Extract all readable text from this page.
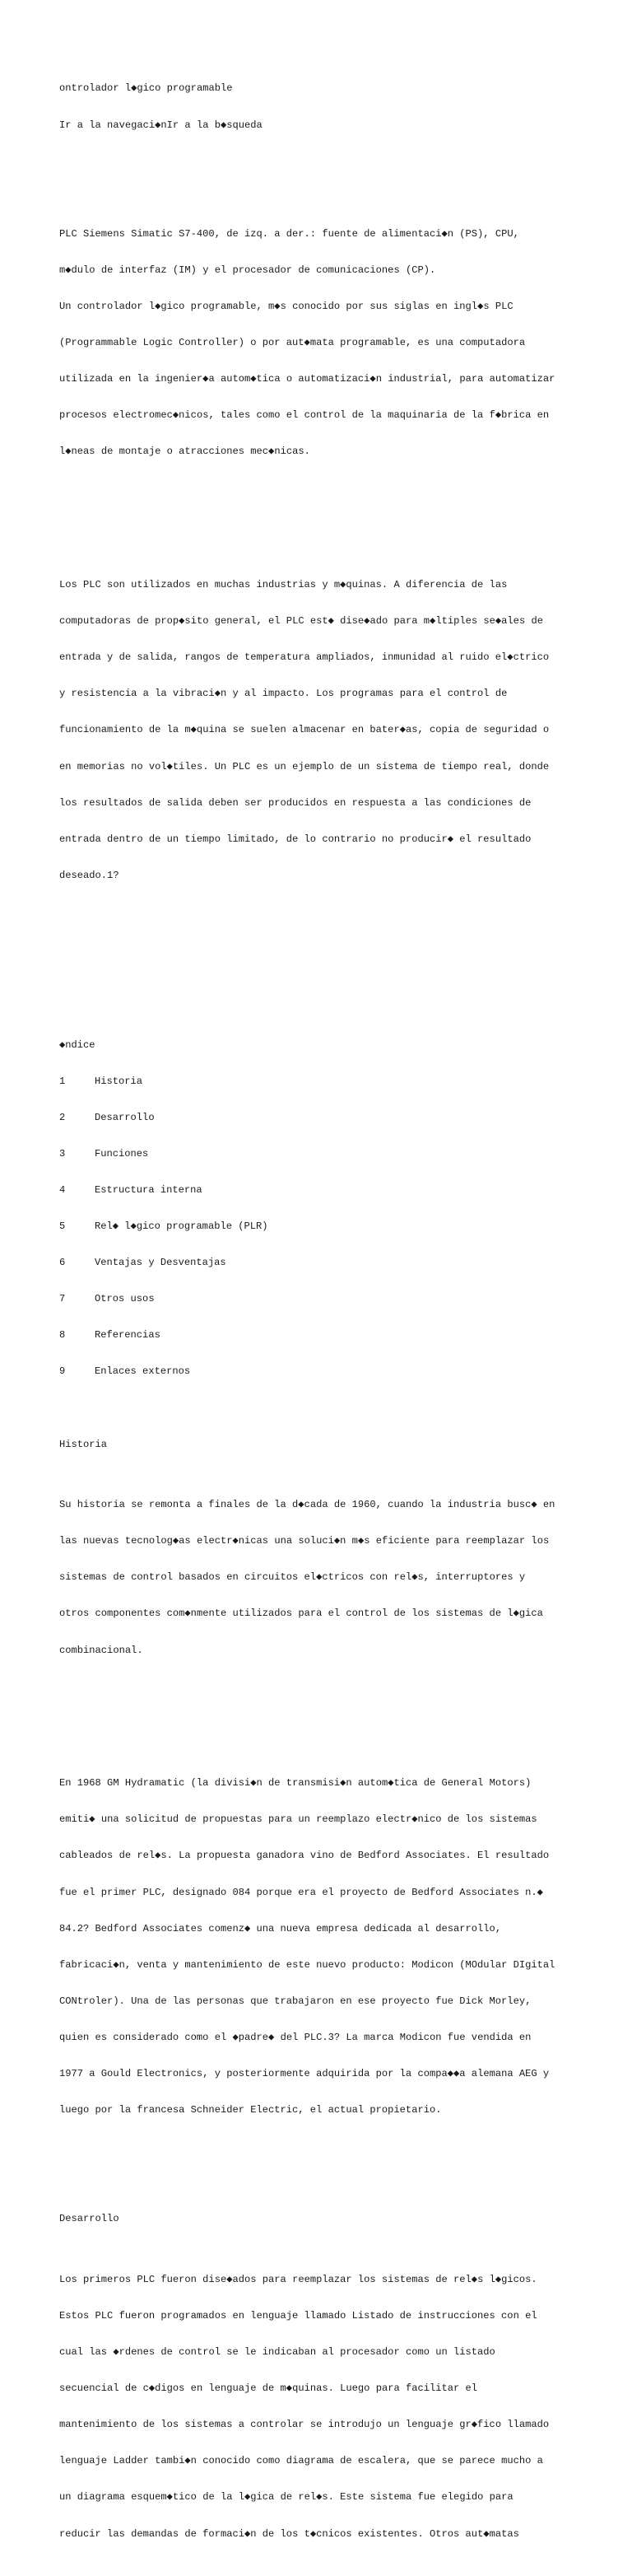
ontrolador l◆gico programable

Ir a la navegaci◆nIr a la b◆squeda

PLC Siemens Simatic S7-400, de izq. a der.: fuente de alimentaci◆n (PS), CPU,

m◆dulo de interfaz (IM) y el procesador de comunicaciones (CP).

Un controlador l◆gico programable, m◆s conocido por sus siglas en ingl◆s PLC

(Programmable Logic Controller) o por aut◆mata programable, es una computadora

utilizada en la ingenier◆a autom◆tica o automatizaci◆n industrial, para automatizar

procesos electromec◆nicos, tales como el control de la maquinaria de la f◆brica en

l◆neas de montaje o atracciones mec◆nicas.

Los PLC son utilizados en muchas industrias y m◆quinas. A diferencia de las

computadoras de prop◆sito general, el PLC est◆ dise◆ado para m◆ltiples se◆ales de

entrada y de salida, rangos de temperatura ampliados, inmunidad al ruido el◆ctrico

y resistencia a la vibraci◆n y al impacto. Los programas para el control de

funcionamiento de la m◆quina se suelen almacenar en bater◆as, copia de seguridad o

en memorias no vol◆tiles. Un PLC es un ejemplo de un sistema de tiempo real, donde

los resultados de salida deben ser producidos en respuesta a las condiciones de

entrada dentro de un tiempo limitado, de lo contrario no producir◆ el resultado

deseado.1?

◆ndice

1	Historia

2	Desarrollo

3	Funciones

4	Estructura interna

5	Rel◆ l◆gico programable (PLR)

6	Ventajas y Desventajas

7	Otros usos

8	Referencias

9	Enlaces externos

Historia

Su historia se remonta a finales de la d◆cada de 1960, cuando la industria busc◆ en

las nuevas tecnolog◆as electr◆nicas una soluci◆n m◆s eficiente para reemplazar los

sistemas de control basados en circuitos el◆ctricos con rel◆s, interruptores y

otros componentes com◆nmente utilizados para el control de los sistemas de l◆gica

combinacional.

En 1968 GM Hydramatic (la divisi◆n de transmisi◆n autom◆tica de General Motors)

emiti◆ una solicitud de propuestas para un reemplazo electr◆nico de los sistemas

cableados de rel◆s. La propuesta ganadora vino de Bedford Associates. El resultado

fue el primer PLC, designado 084 porque era el proyecto de Bedford Associates n.◆

84.2? Bedford Associates comenz◆ una nueva empresa dedicada al desarrollo,

fabricaci◆n, venta y mantenimiento de este nuevo producto: Modicon (MOdular DIgital

CONtroler). Una de las personas que trabajaron en ese proyecto fue Dick Morley,

quien es considerado como el ◆padre◆ del PLC.3? La marca Modicon fue vendida en

1977 a Gould Electronics, y posteriormente adquirida por la compa◆◆a alemana AEG y

luego por la francesa Schneider Electric, el actual propietario.

Desarrollo

Los primeros PLC fueron dise◆ados para reemplazar los sistemas de rel◆s l◆gicos.

Estos PLC fueron programados en lenguaje llamado Listado de instrucciones con el

cual las ◆rdenes de control se le indicaban al procesador como un listado

secuencial de c◆digos en lenguaje de m◆quinas. Luego para facilitar el

mantenimiento de los sistemas a controlar se introdujo un lenguaje gr◆fico llamado

lenguaje Ladder tambi◆n conocido como diagrama de escalera, que se parece mucho a

un diagrama esquem◆tico de la l◆gica de rel◆s. Este sistema fue elegido para

reducir las demandas de formaci◆n de los t◆cnicos existentes. Otros aut◆matas
